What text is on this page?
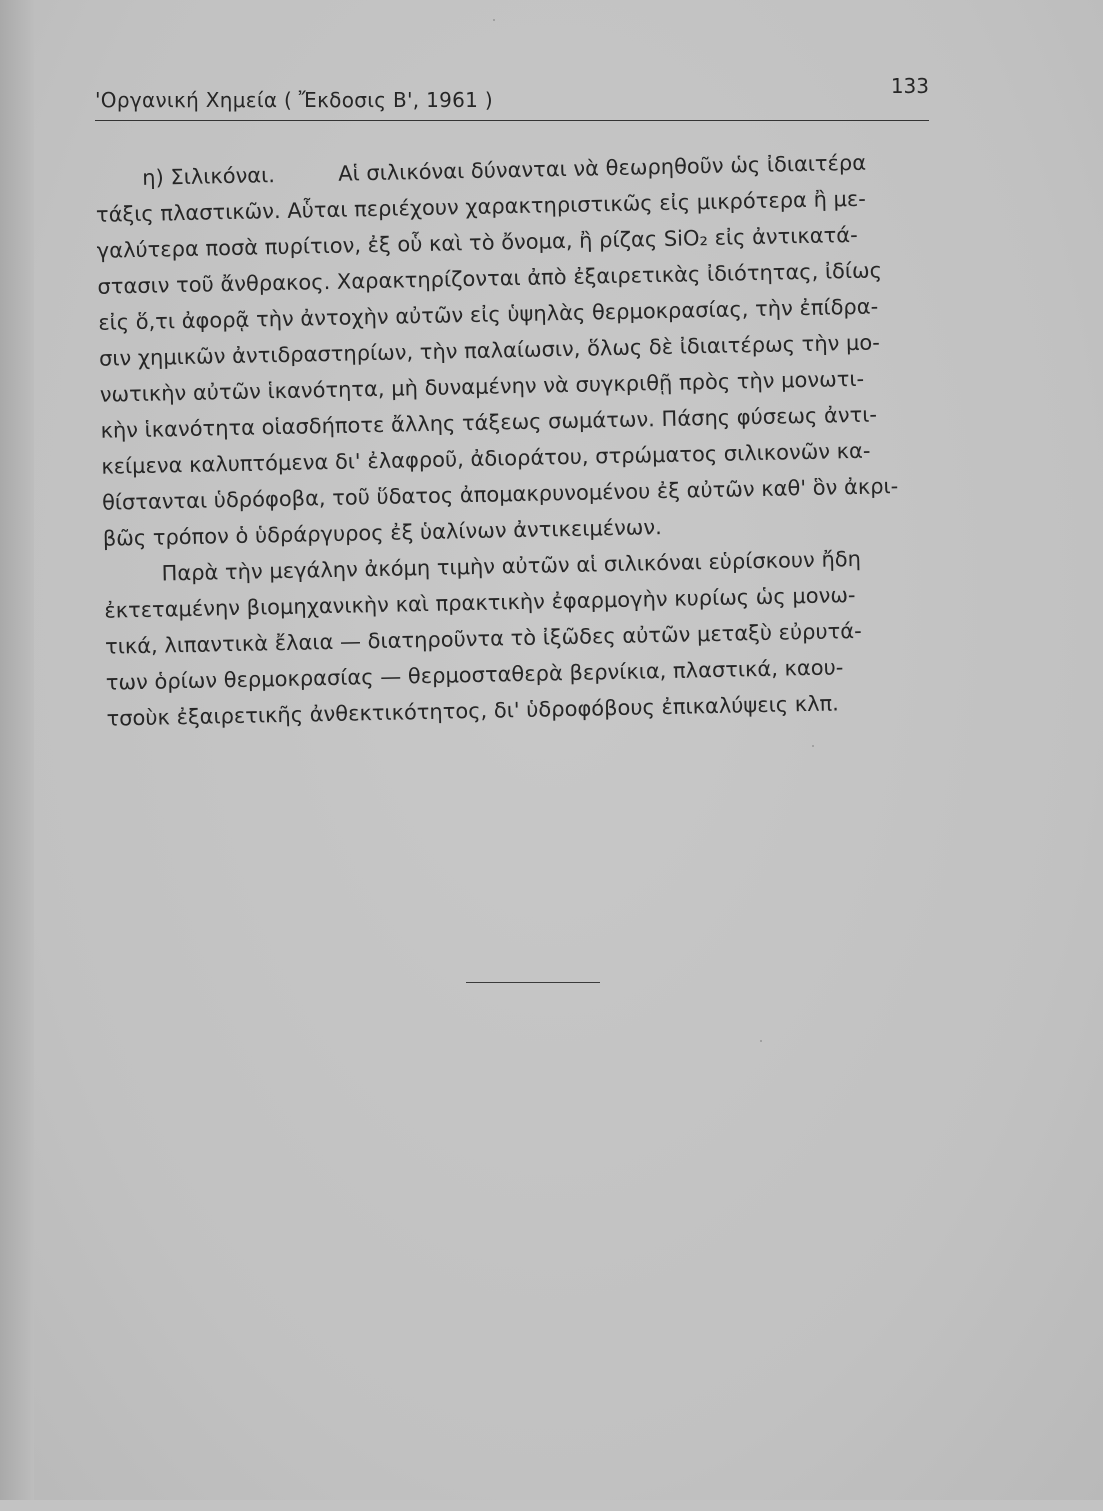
'Οργανική Χημεία ( Ἔκδοσις Β', 1961 )
133
η) Σιλικόναι.	Αἱ σιλικόναι δύνανται νὰ θεωρηθοῦν ὡς ἰδιαιτέρα
τάξις πλαστικῶν. Αὗται περιέχουν χαρακτηριστικῶς εἰς μικρότερα ἢ με-
γαλύτερα ποσὰ πυρίτιον, ἐξ οὗ καὶ τὸ ὄνομα, ἢ ρίζας SiO₂ εἰς ἀντικατά-
στασιν τοῦ ἄνθρακος. Χαρακτηρίζονται ἀπὸ ἐξαιρετικὰς ἰδιότητας, ἰδίως
εἰς ὅ,τι ἀφορᾷ τὴν ἀντοχὴν αὐτῶν εἰς ὑψηλὰς θερμοκρασίας, τὴν ἐπίδρα-
σιν χημικῶν ἀντιδραστηρίων, τὴν παλαίωσιν, ὅλως δὲ ἰδιαιτέρως τὴν μο-
νωτικὴν αὐτῶν ἱκανότητα, μὴ δυναμένην νὰ συγκριθῇ πρὸς τὴν μονωτι-
κὴν ἱκανότητα οἱασδήποτε ἄλλης τάξεως σωμάτων. Πάσης φύσεως ἀντι-
κείμενα καλυπτόμενα δι' ἐλαφροῦ, ἀδιοράτου, στρώματος σιλικονῶν κα-
θίστανται ὑδρόφοβα, τοῦ ὕδατος ἀπομακρυνομένου ἐξ αὐτῶν καθ' ὃν ἀκρι-
βῶς τρόπον ὁ ὑδράργυρος ἐξ ὑαλίνων ἀντικειμένων.
Παρὰ τὴν μεγάλην ἀκόμη τιμὴν αὐτῶν αἱ σιλικόναι εὑρίσκουν ἤδη
ἐκτεταμένην βιομηχανικὴν καὶ πρακτικὴν ἐφαρμογὴν κυρίως ὡς μονω-
τικά, λιπαντικὰ ἔλαια — διατηροῦντα τὸ ἰξῶδες αὐτῶν μεταξὺ εὐρυτά-
των ὁρίων θερμοκρασίας — θερμοσταθερὰ βερνίκια, πλαστικά, καου-
τσοὺκ ἐξαιρετικῆς ἀνθεκτικότητος, δι' ὑδροφόβους ἐπικαλύψεις κλπ.
